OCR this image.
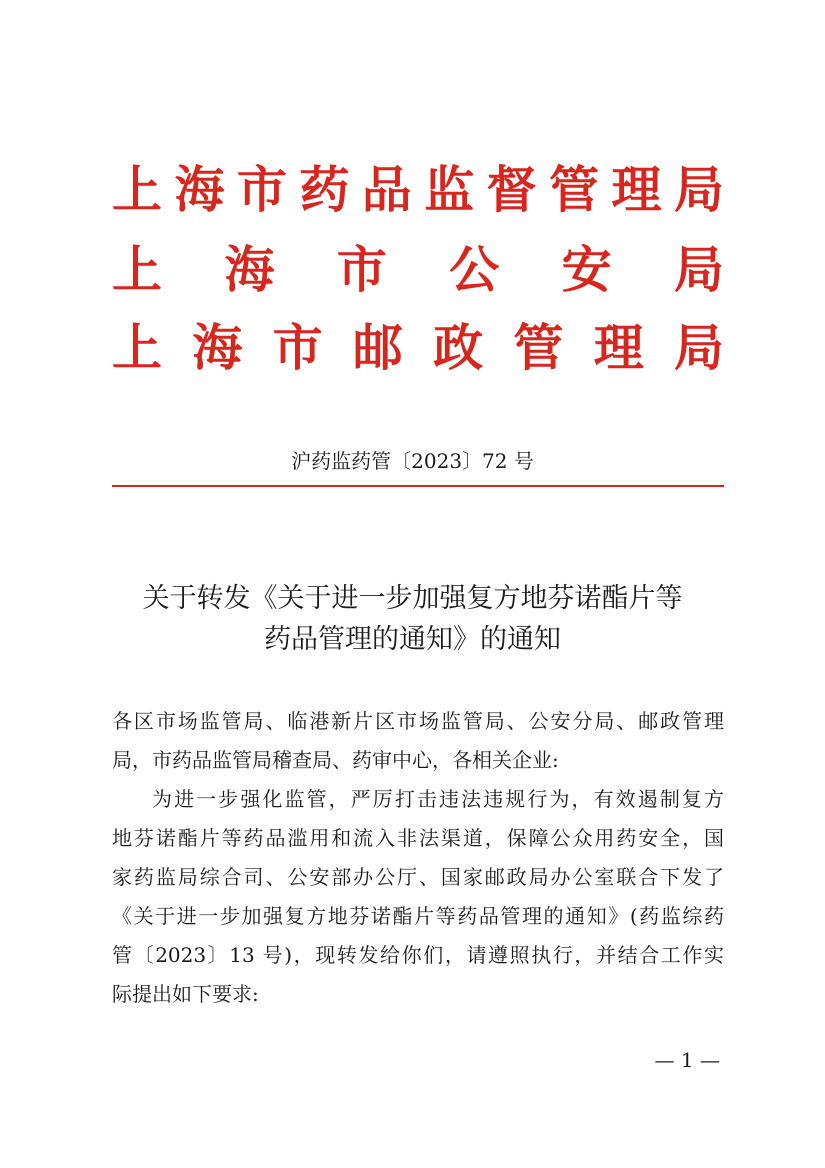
上 海 市 药 品 监 督 管 理 局
上 海 市 公 安 局
上 海 市 邮 政 管 理 局
沪药监药管〔2023〕72 号
关于转发《关于进一步加强复方地芬诺酯片等
药品管理的通知》的通知
各区市场监管局、临港新片区市场监管局、公安分局、邮政管理
局，市药品监管局稽查局、药审中心，各相关企业:
为进一步强化监管，严厉打击违法违规行为，有效遏制复方
地芬诺酯片等药品滥用和流入非法渠道，保障公众用药安全，国
家药监局综合司、公安部办公厅、国家邮政局办公室联合下发了
《关于进一步加强复方地芬诺酯片等药品管理的通知》(药监综药
管〔2023〕13 号)，现转发给你们，请遵照执行，并结合工作实
际提出如下要求:
— 1 —
